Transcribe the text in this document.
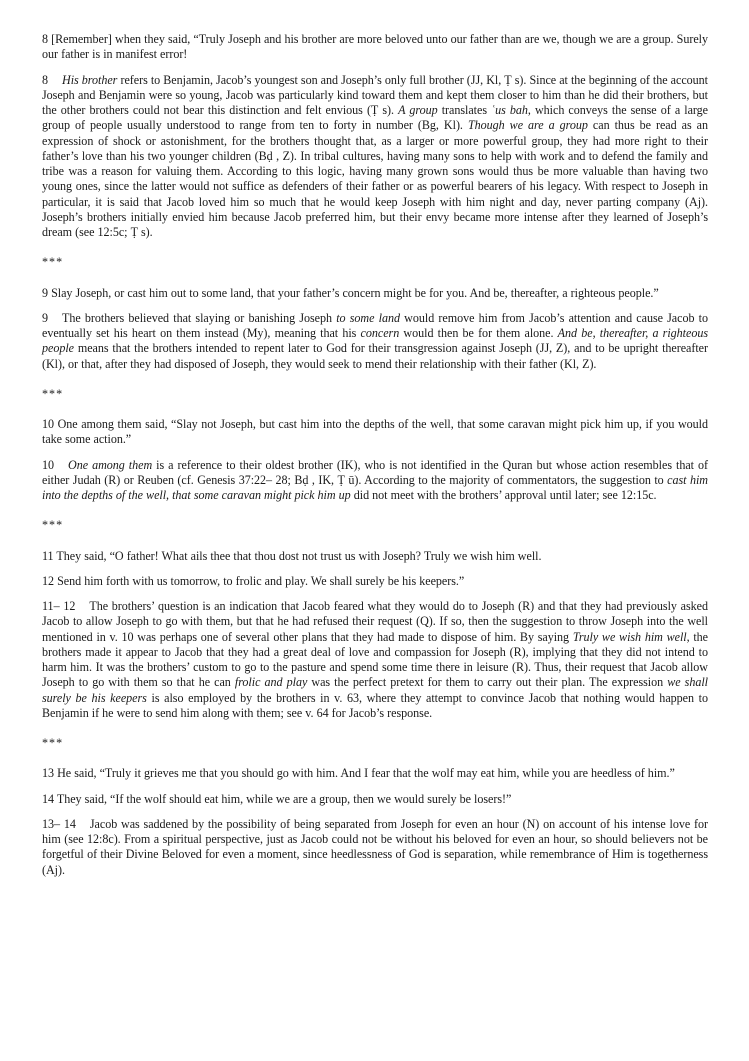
8 [Remember] when they said, “Truly Joseph and his brother are more beloved unto our father than are we, though we are a group. Surely our father is in manifest error!

8 His brother refers to Benjamin, Jacob’s youngest son and Joseph’s only full brother (JJ, Kl, Ṭ s). Since at the beginning of the account Joseph and Benjamin were so young, Jacob was particularly kind toward them and kept them closer to him than he did their brothers, but the other brothers could not bear this distinction and felt envious (Ṭ s). A group translates ʿus bah, which conveys the sense of a large group of people usually understood to range from ten to forty in number (Bg, Kl). Though we are a group can thus be read as an expression of shock or astonishment, for the brothers thought that, as a larger or more powerful group, they had more right to their father’s love than his two younger children (Bḍ , Z). In tribal cultures, having many sons to help with work and to defend the family and tribe was a reason for valuing them. According to this logic, having many grown sons would thus be more valuable than having two young ones, since the latter would not suffice as defenders of their father or as powerful bearers of his legacy. With respect to Joseph in particular, it is said that Jacob loved him so much that he would keep Joseph with him night and day, never parting company (Aj). Joseph’s brothers initially envied him because Jacob preferred him, but their envy became more intense after they learned of Joseph’s dream (see 12:5c; Ṭ s).

***

9 Slay Joseph, or cast him out to some land, that your father’s concern might be for you. And be, thereafter, a righteous people.”

9 The brothers believed that slaying or banishing Joseph to some land would remove him from Jacob’s attention and cause Jacob to eventually set his heart on them instead (My), meaning that his concern would then be for them alone. And be, thereafter, a righteous people means that the brothers intended to repent later to God for their transgression against Joseph (JJ, Z), and to be upright thereafter (Kl), or that, after they had disposed of Joseph, they would seek to mend their relationship with their father (Kl, Z).

***

10 One among them said, “Slay not Joseph, but cast him into the depths of the well, that some caravan might pick him up, if you would take some action.”

10 One among them is a reference to their oldest brother (IK), who is not identified in the Quran but whose action resembles that of either Judah (R) or Reuben (cf. Genesis 37:22– 28; Bḍ , IK, Ṭ ū). According to the majority of commentators, the suggestion to cast him into the depths of the well, that some caravan might pick him up did not meet with the brothers’ approval until later; see 12:15c.

***

11 They said, “O father! What ails thee that thou dost not trust us with Joseph? Truly we wish him well.

12 Send him forth with us tomorrow, to frolic and play. We shall surely be his keepers.”

11– 12 The brothers’ question is an indication that Jacob feared what they would do to Joseph (R) and that they had previously asked Jacob to allow Joseph to go with them, but that he had refused their request (Q). If so, then the suggestion to throw Joseph into the well mentioned in v. 10 was perhaps one of several other plans that they had made to dispose of him. By saying Truly we wish him well, the brothers made it appear to Jacob that they had a great deal of love and compassion for Joseph (R), implying that they did not intend to harm him. It was the brothers’ custom to go to the pasture and spend some time there in leisure (R). Thus, their request that Jacob allow Joseph to go with them so that he can frolic and play was the perfect pretext for them to carry out their plan. The expression we shall surely be his keepers is also employed by the brothers in v. 63, where they attempt to convince Jacob that nothing would happen to Benjamin if he were to send him along with them; see v. 64 for Jacob’s response.

***

13 He said, “Truly it grieves me that you should go with him. And I fear that the wolf may eat him, while you are heedless of him.”

14 They said, “If the wolf should eat him, while we are a group, then we would surely be losers!”

13– 14 Jacob was saddened by the possibility of being separated from Joseph for even an hour (N) on account of his intense love for him (see 12:8c). From a spiritual perspective, just as Jacob could not be without his beloved for even an hour, so should believers not be forgetful of their Divine Beloved for even a moment, since heedlessness of God is separation, while remembrance of Him is togetherness (Aj).
